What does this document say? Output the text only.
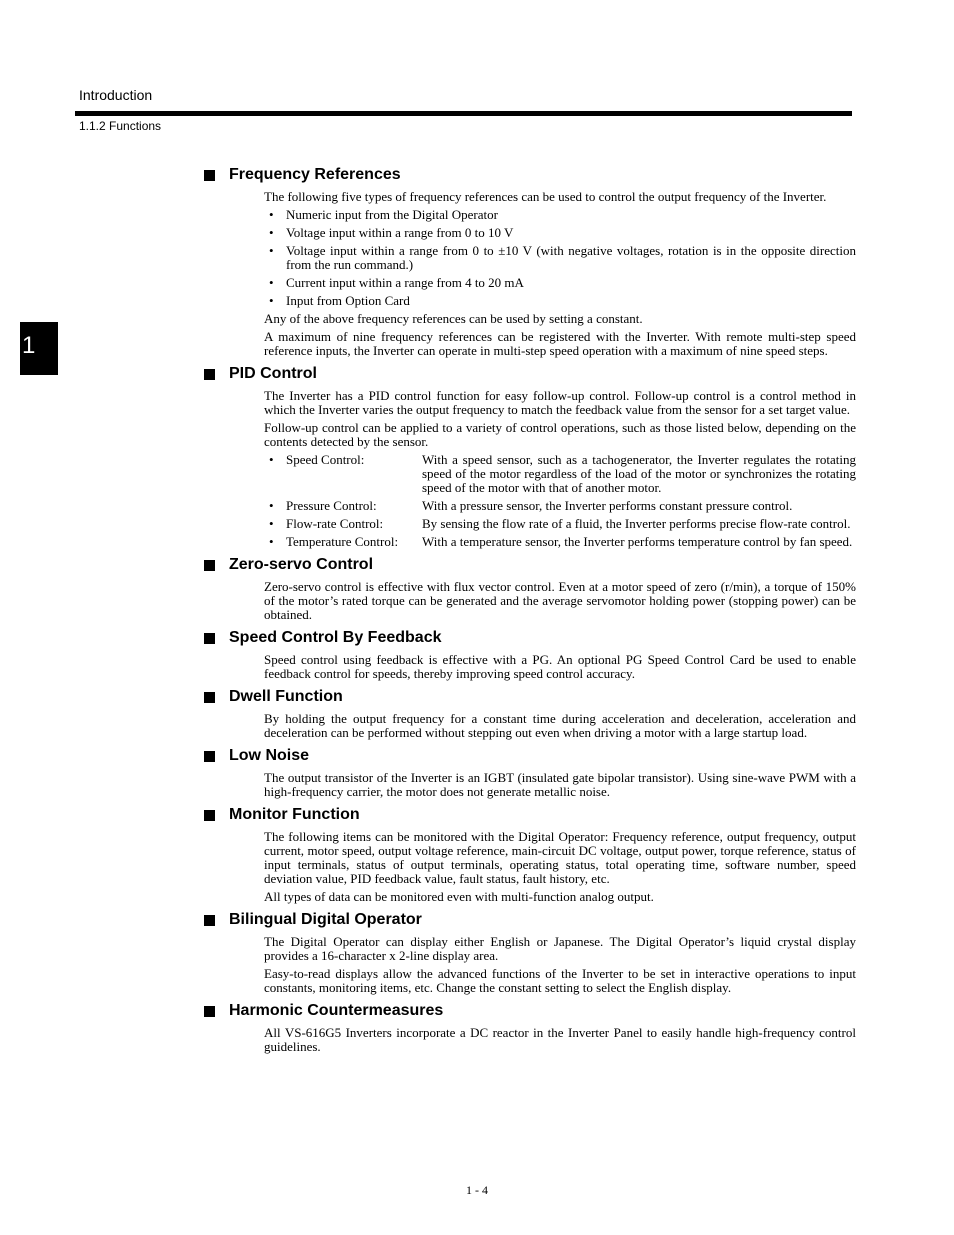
Introduction
1.1.2 Functions
1
Frequency References

The following five types of frequency references can be used to control the output frequency of the Inverter.

• Numeric input from the Digital Operator
• Voltage input within a range from 0 to 10 V
• Voltage input within a range from 0 to ±10 V (with negative voltages, rotation is in the opposite direction from the run command.)
• Current input within a range from 4 to 20 mA
• Input from Option Card

Any of the above frequency references can be used by setting a constant.

A maximum of nine frequency references can be registered with the Inverter. With remote multi-step speed reference inputs, the Inverter can operate in multi-step speed operation with a maximum of nine speed steps.

PID Control

The Inverter has a PID control function for easy follow-up control. Follow-up control is a control method in which the Inverter varies the output frequency to match the feedback value from the sensor for a set target value.

Follow-up control can be applied to a variety of control operations, such as those listed below, depending on the contents detected by the sensor.

• Speed Control:	With a speed sensor, such as a tachogenerator, the Inverter regulates the rotating speed of the motor regardless of the load of the motor or synchronizes the rotating speed of the motor with that of another motor.
• Pressure Control:	With a pressure sensor, the Inverter performs constant pressure control.
• Flow-rate Control:	By sensing the flow rate of a fluid, the Inverter performs precise flow-rate control.
• Temperature Control:	With a temperature sensor, the Inverter performs temperature control by fan speed.
Zero-servo Control

Zero-servo control is effective with flux vector control. Even at a motor speed of zero (r/min), a torque of 150% of the motor’s rated torque can be generated and the average servomotor holding power (stopping power) can be obtained.

Speed Control By Feedback

Speed control using feedback is effective with a PG. An optional PG Speed Control Card be used to enable feedback control for speeds, thereby improving speed control accuracy.

Dwell Function

By holding the output frequency for a constant time during acceleration and deceleration, acceleration and deceleration can be performed without stepping out even when driving a motor with a large startup load.

Low Noise

The output transistor of the Inverter is an IGBT (insulated gate bipolar transistor). Using sine-wave PWM with a high-frequency carrier, the motor does not generate metallic noise.

Monitor Function

The following items can be monitored with the Digital Operator: Frequency reference, output frequency, output current, motor speed, output voltage reference, main-circuit DC voltage, output power, torque reference, status of input terminals, status of output terminals, operating status, total operating time, software number, speed deviation value, PID feedback value, fault status, fault history, etc.

All types of data can be monitored even with multi-function analog output.

Bilingual Digital Operator

The Digital Operator can display either English or Japanese. The Digital Operator’s liquid crystal display provides a 16-character x 2-line display area.

Easy-to-read displays allow the advanced functions of the Inverter to be set in interactive operations to input constants, monitoring items, etc. Change the constant setting to select the English display.

Harmonic Countermeasures

All VS-616G5 Inverters incorporate a DC reactor in the Inverter Panel to easily handle high-frequency control guidelines.

1 - 4
